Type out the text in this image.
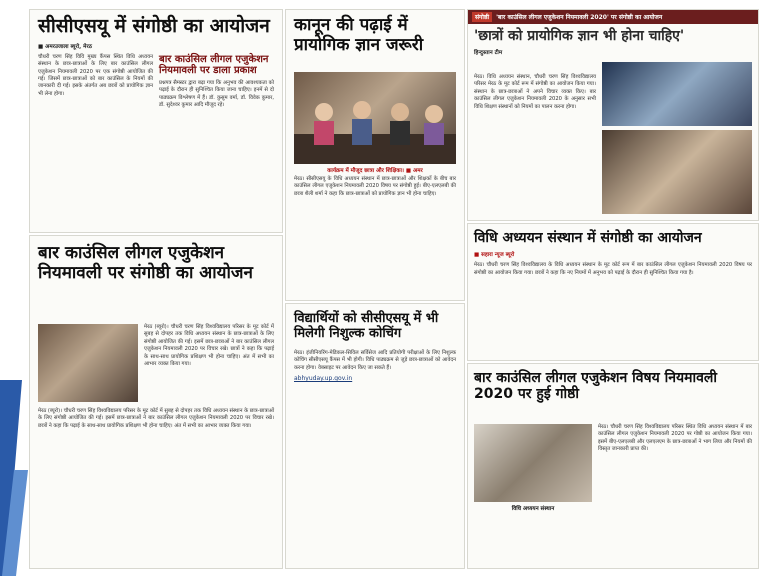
सीसीएसयू में संगोष्ठी का आयोजन
■ अमरउजाला ब्यूरो, मेरठ
चौधरी चरण सिंह विवि मुख्य कैंपस स्थित विधि अध्ययन संस्थान के छात्र-छात्राओं के लिए बार काउंसिल लीगल एजुकेशन नियमावली 2020 पर एक संगोष्ठी आयोजित की गई। जिसमें छात्र-छात्राओं को बार काउंसिल के नियमों की जानकारी दी गई। इसके अंतर्गत अब छात्रों को प्रायोगिक ज्ञान भी लेना होगा।
बार काउंसिल लीगल एजुकेशन नियमावली पर डाला प्रकाश
प्रश्नपत्र सैमस्टर द्वारा बढ़ा गया कि अनुभव की आवश्यकता को पढ़ाई के दौरान ही सुनिश्चित किया जाना चाहिए। इनमें से दो पाठ्यक्रम विश्लेषण में हैं। डॉ. कुसुम वर्मा, डॉ. विवेक कुमार, डॉ. सुदेश्वर कुमार आदि मौजूद रहे।
कानून की पढ़ाई में प्रायोगिक ज्ञान जरूरी
कार्यक्रम में मौजूद छात्रा और शिक्षिका। ■ अमर
मेरठ। सीसीएसयू के विधि अध्ययन संस्थान में छात्र-छात्राओं और शिक्षकों के बीच बार काउंसिल लीगल एजुकेशन नियमावली 2020 विषय पर संगोष्ठी हुई। बीए-एलएलबी की छात्रा शैली शर्मा ने कहा कि छात्र-छात्राओं को प्रायोगिक ज्ञान भी होना चाहिए।
संगोष्ठी	'बार काउंसिल लीगल एजुकेशन नियमावली 2020' पर संगोष्ठी का आयोजन
'छात्रों को प्रायोगिक ज्ञान भी होना चाहिए'
हिन्दुस्तान टीम
मेरठ। विधि अध्ययन संस्थान, चौधरी चरण सिंह विश्वविद्यालय परिसर मेरठ के मूट कोर्ट रूम में संगोष्ठी का आयोजन किया गया। संस्थान के छात्र-छात्राओं ने अपने विचार व्यक्त किए। बार काउंसिल लीगल एजुकेशन नियमावली 2020 के अनुसार सभी विधि शिक्षण संस्थानों को नियमों का पालन करना होगा।
बार काउंसिल लीगल एजुकेशन नियमावली पर संगोष्ठी का आयोजन
मेरठ (ब्यूरो)। चौधरी चरण सिंह विश्वविद्यालय परिसर के मूट कोर्ट में सुबह से दोपहर तक विधि अध्ययन संस्थान के छात्र-छात्राओं के लिए संगोष्ठी आयोजित की गई। इसमें छात्र-छात्राओं ने बार काउंसिल लीगल एजुकेशन नियमावली 2020 पर विचार रखे। छात्रों ने कहा कि पढ़ाई के साथ-साथ प्रायोगिक प्रशिक्षण भी होना चाहिए। अंत में सभी का आभार व्यक्त किया गया।
मेरठ (ब्यूरो)। चौधरी चरण सिंह विश्वविद्यालय परिसर के मूट कोर्ट में सुबह से दोपहर तक विधि अध्ययन संस्थान के छात्र-छात्राओं के लिए संगोष्ठी आयोजित की गई। इसमें छात्र-छात्राओं ने बार काउंसिल लीगल एजुकेशन नियमावली 2020 पर विचार रखे। छात्रों ने कहा कि पढ़ाई के साथ-साथ प्रायोगिक प्रशिक्षण भी होना चाहिए। अंत में सभी का आभार व्यक्त किया गया।
विद्यार्थियों को सीसीएसयू में भी मिलेगी निशुल्क कोचिंग
मेरठ। इंजीनियरिंग-मेडिकल-सिविल सर्विसेज आदि प्रतियोगी परीक्षाओं के लिए निशुल्क कोचिंग सीसीएसयू कैंपस में भी होगी। विधि पाठ्यक्रम से जुड़े छात्र-छात्राओं को आवेदन करना होगा। वेबसाइट पर आवेदन किए जा सकते हैं।
abhyuday.up.gov.in
विधि अध्ययन संस्थान में संगोष्ठी का आयोजन
■ सहारा न्यूज ब्यूरो
मेरठ। चौधरी चरण सिंह विश्वविद्यालय के विधि अध्ययन संस्थान के मूट कोर्ट रूम में बार काउंसिल लीगल एजुकेशन नियमावली 2020 विषय पर संगोष्ठी का आयोजन किया गया। छात्रों ने कहा कि नए नियमों में अनुभव को पढ़ाई के दौरान ही सुनिश्चित किया गया है।
बार काउंसिल लीगल एजुकेशन विषय नियमावली 2020 पर हुई गोष्ठी
विधि अध्ययन संस्थान
मेरठ। चौधरी चरण सिंह विश्वविद्यालय परिसर स्थित विधि अध्ययन संस्थान में बार काउंसिल लीगल एजुकेशन नियमावली 2020 पर गोष्ठी का आयोजन किया गया। इसमें बीए-एलएलबी और एलएलएम के छात्र-छात्राओं ने भाग लिया और नियमों की विस्तृत जानकारी प्राप्त की।
